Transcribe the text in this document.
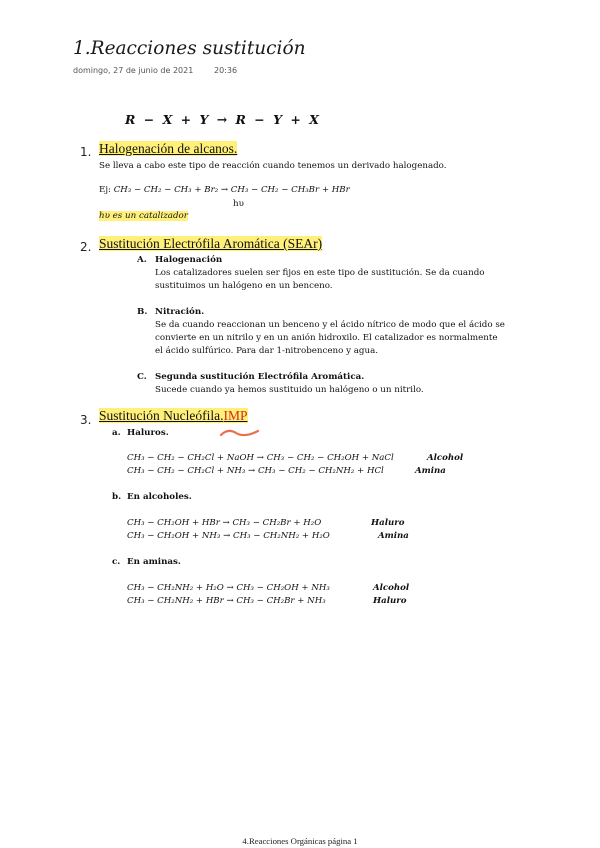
1.Reacciones sustitución
domingo, 27 de junio de 2021	20:36
R − X + Y → R − Y + X
1. Halogenación de alcanos.
Se lleva a cabo este tipo de reacción cuando tenemos un derivado halogenado.
Ej: CH₃ − CH₂ − CH₃ + Br₂ → CH₃ − CH₂ − CH₃Br + HBr
hυ
hυ es un catalizador
2. Sustitución Electrófila Aromática (SEAr)
A. Halogenación
Los catalizadores suelen ser fijos en este tipo de sustitución. Se da cuando
sustituimos un halógeno en un benceno.
B. Nitración.
Se da cuando reaccionan un benceno y el ácido nítrico de modo que el ácido se
convierte en un nitrilo y en un anión hidroxilo. El catalizador es normalmente
el ácido sulfúrico. Para dar 1-nitrobenceno y agua.
C. Segunda sustitución Electrófila Aromática.
Sucede cuando ya hemos sustituido un halógeno o un nitrilo.
3. Sustitución Nucleófila.IMP
a. Haluros.
CH₃ − CH₂ − CH₂Cl + NaOH → CH₃ − CH₂ − CH₂OH + NaCl	Alcohol
CH₃ − CH₂ − CH₂Cl + NH₃ → CH₃ − CH₂ − CH₂NH₂ + HCl	Amina
b. En alcoholes.
CH₃ − CH₂OH + HBr → CH₃ − CH₂Br + H₂O	Haluro
CH₃ − CH₂OH + NH₃ → CH₃ − CH₂NH₂ + H₂O	Amina
c. En aminas.
CH₃ − CH₂NH₂ + H₂O → CH₃ − CH₂OH + NH₃	Alcohol
CH₃ − CH₂NH₂ + HBr → CH₃ − CH₂Br + NH₃	Haluro
4.Reacciones Orgánicas página 1
